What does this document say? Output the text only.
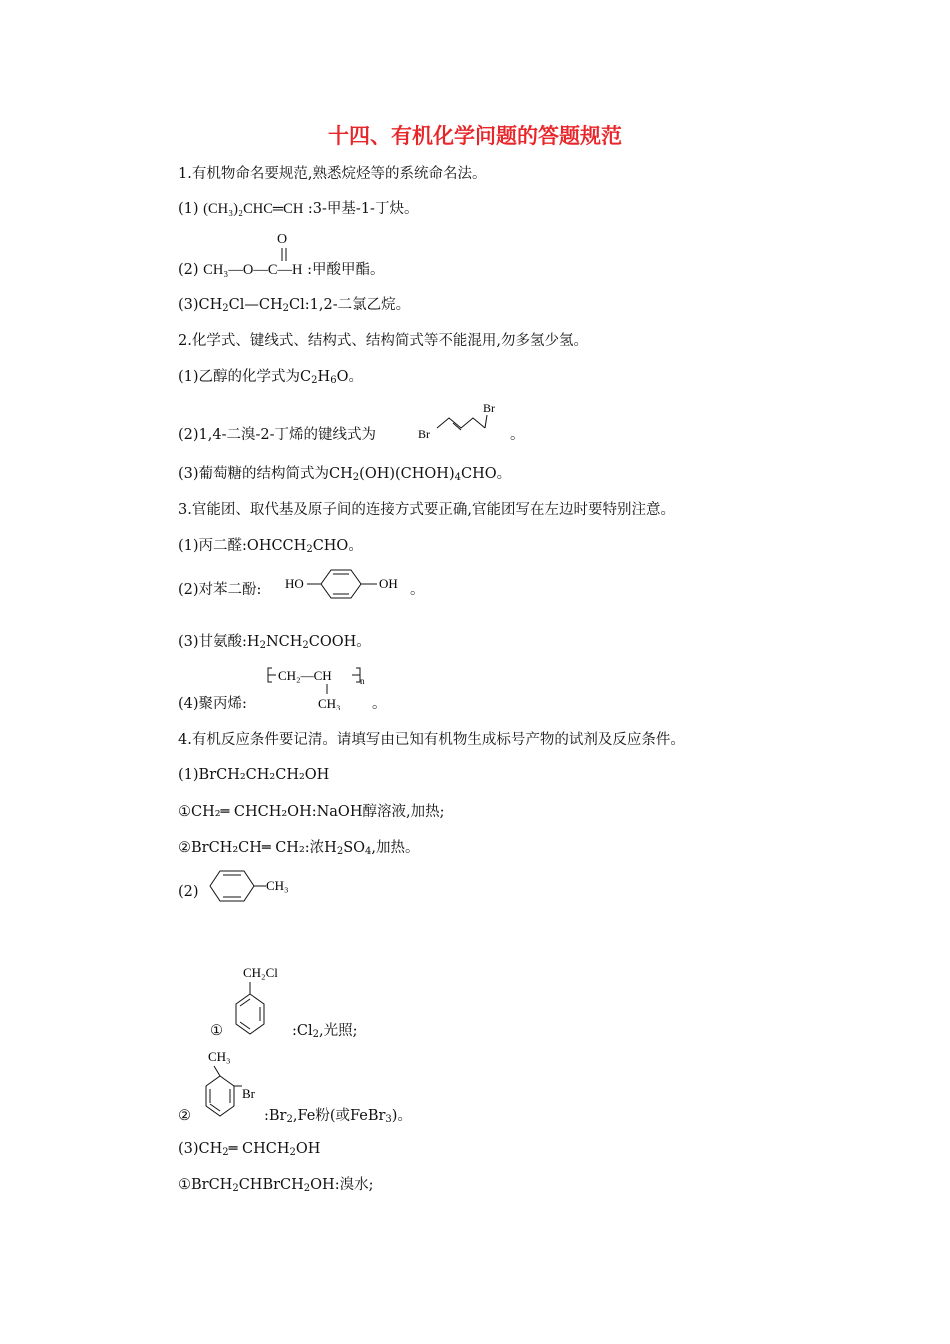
十四、有机化学问题的答题规范
1.有机物命名要规范,熟悉烷烃等的系统命名法。
(1) (CH₃)₂CHC═CH :3-甲基-1-丁炔。
(2) CH₃—O—C—H :甲酸甲酯。
O
$(3)CH_2Cl—CH_2Cl:1,2-$二氯乙烷。
2.化学式、键线式、结构式、结构简式等不能混用,勿多氢少氢。
(1)乙醇的化学式为$C_2H_6O$。
(2)1,4-二溴-2-丁烯的键线式为	Br
Br
。
(3)葡萄糖的结构简式为$CH_2(OH)(CHOH)_4CHO$。
3.官能团、取代基及原子间的连接方式要正确,官能团写在左边时要特别注意。
(1)丙二醛$:OHCCH_2CHO$。
(2)对苯二酚: HO	OH 。
(3)甘氨酸$:H_2NCH_2COOH$。
(4)聚丙烯:
CH₂—CH	n
CH₃ 。
4.有机反应条件要记清。请填写由已知有机物生成标号产物的试剂及反应条件。
(1)BrCH₂CH₂CH₂OH
①CH₂═ CHCH₂OH:NaOH醇溶液,加热;
②BrCH₂CH═ CH₂:浓$H_2SO_4$,加热。
(2)	CH₃
CH₂Cl
①	$:Cl_2$,光照;
CH₃
Br
②	$:Br_2,Fe$粉(或FeBr$_3$)。
$(3)CH_2═$ $CHCH_2OH$
①BrCH$_2$CHBrCH$_2$OH:溴水;
